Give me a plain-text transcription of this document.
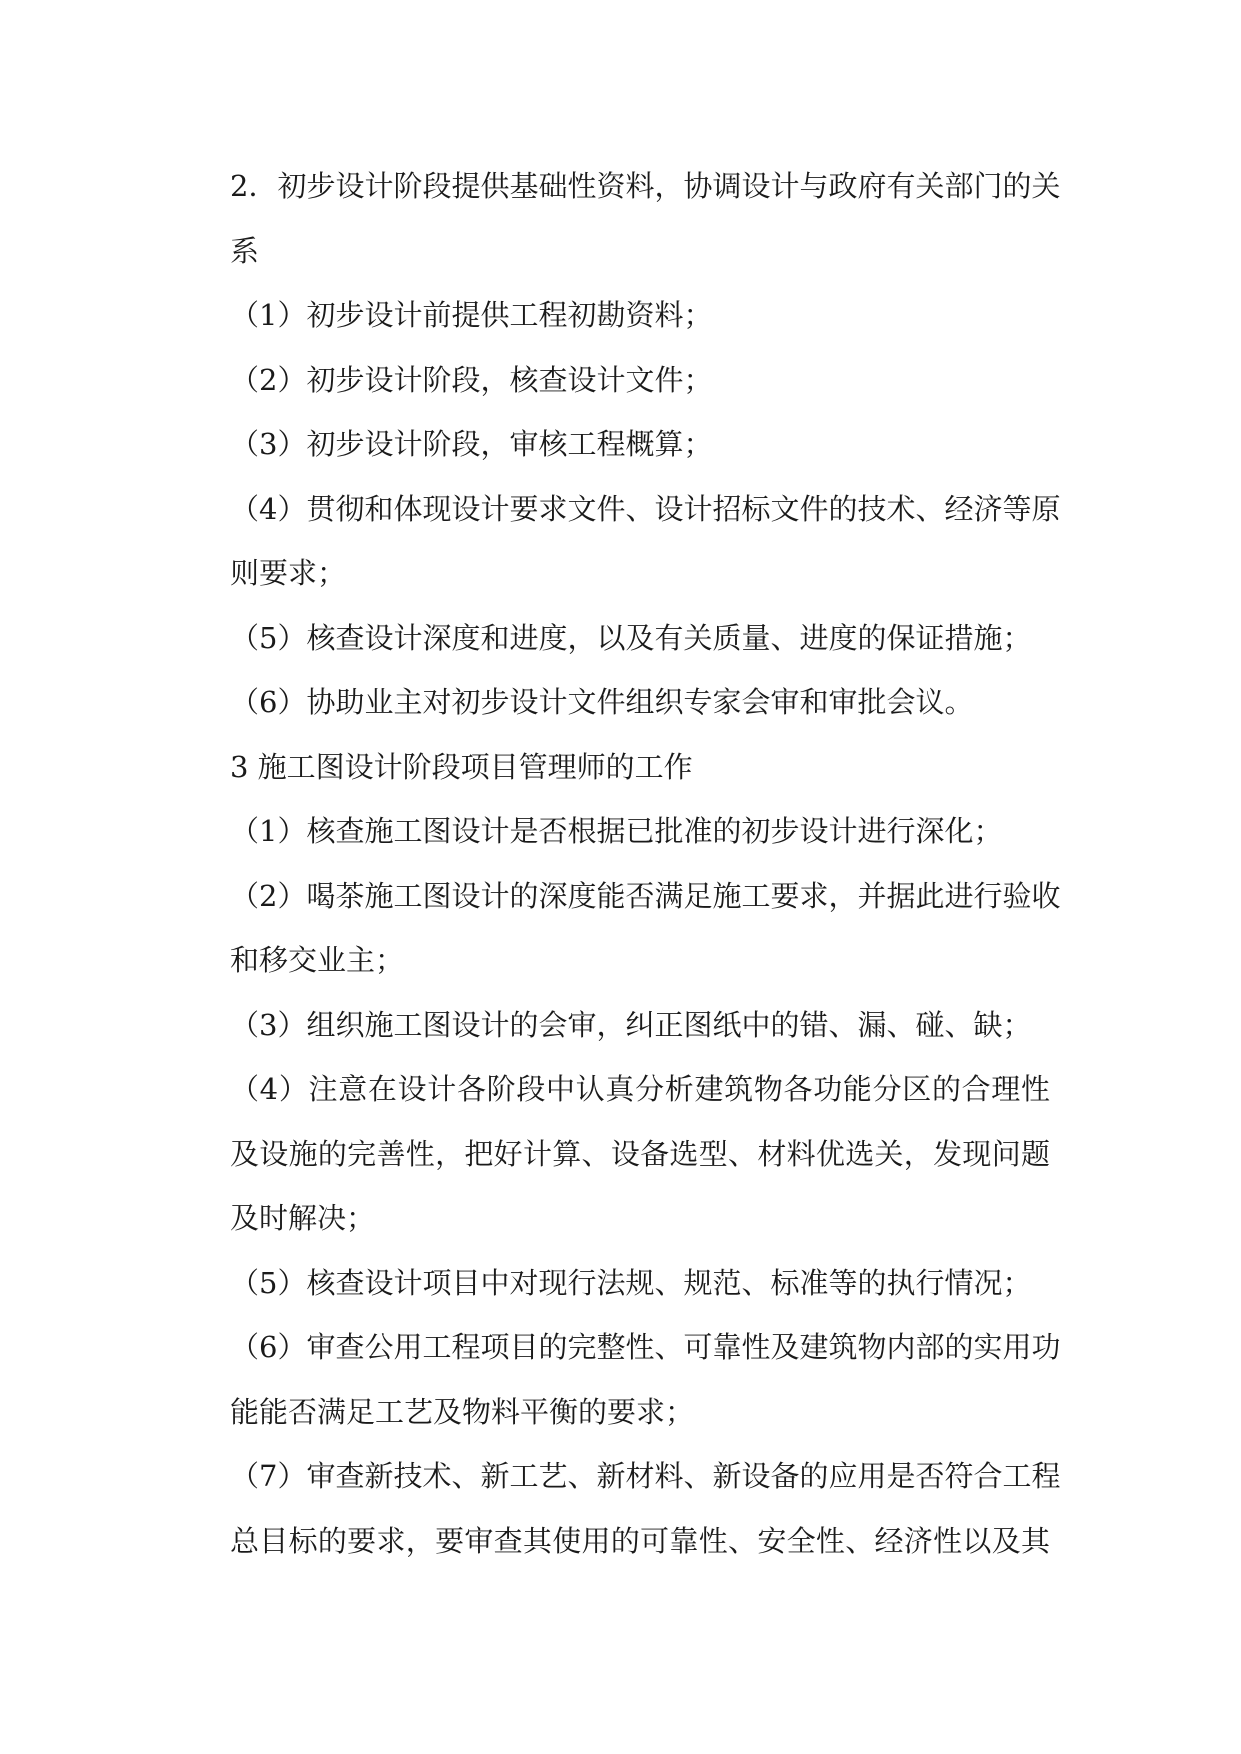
2．初步设计阶段提供基础性资料，协调设计与政府有关部门的关
系
（1）初步设计前提供工程初勘资料；
（2）初步设计阶段，核查设计文件；
（3）初步设计阶段，审核工程概算；
（4）贯彻和体现设计要求文件、设计招标文件的技术、经济等原
则要求；
（5）核查设计深度和进度，以及有关质量、进度的保证措施；
（6）协助业主对初步设计文件组织专家会审和审批会议。
3 施工图设计阶段项目管理师的工作
（1）核查施工图设计是否根据已批准的初步设计进行深化；
（2）喝茶施工图设计的深度能否满足施工要求，并据此进行验收
和移交业主；
（3）组织施工图设计的会审，纠正图纸中的错、漏、碰、缺；
（4）注意在设计各阶段中认真分析建筑物各功能分区的合理性
及设施的完善性，把好计算、设备选型、材料优选关，发现问题
及时解决；
（5）核查设计项目中对现行法规、规范、标准等的执行情况；
（6）审查公用工程项目的完整性、可靠性及建筑物内部的实用功
能能否满足工艺及物料平衡的要求；
（7）审查新技术、新工艺、新材料、新设备的应用是否符合工程
总目标的要求，要审查其使用的可靠性、安全性、经济性以及其
